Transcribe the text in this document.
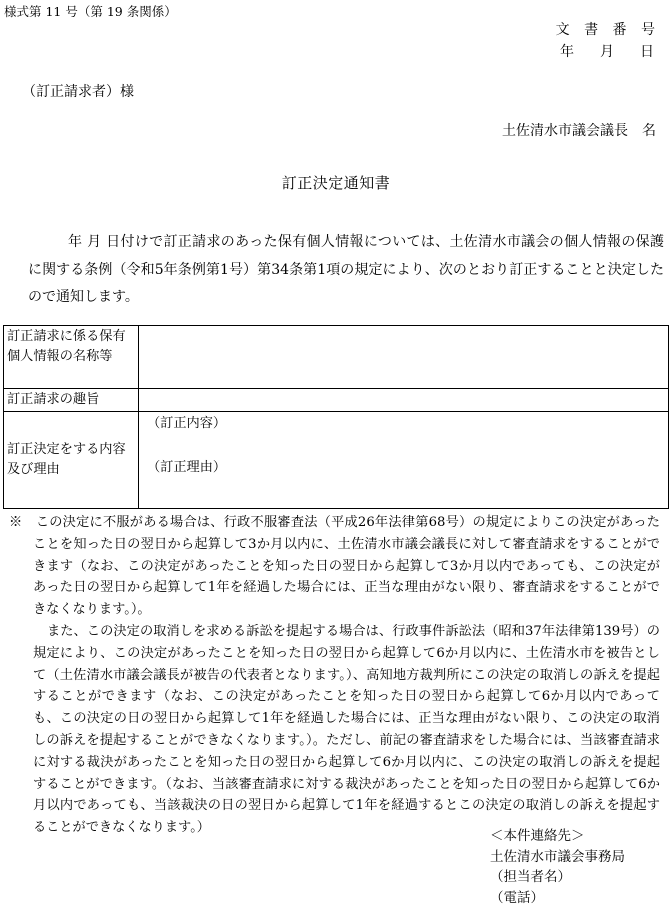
様式第 11 号（第 19 条関係）
文 書 番 号
年　月　日
（訂正請求者）様
土佐清水市議会議長　名
訂正決定通知書

年 月 日付けで訂正請求のあった保有個人情報については、土佐清水市議会の個人情報の保護に関する条例（令和5年条例第1号）第34条第1項の規定により、次のとおり訂正することと決定したので通知します。

訂正請求に係る保有個人情報の名称等	
訂正請求の趣旨	
訂正決定をする内容及び理由	（訂正内容）
（訂正理由）

※　この決定に不服がある場合は、行政不服審査法（平成26年法律第68号）の規定によりこの決定があったことを知った日の翌日から起算して3か月以内に、土佐清水市議会議長に対して審査請求をすることができます（なお、この決定があったことを知った日の翌日から起算して3か月以内であっても、この決定があった日の翌日から起算して1年を経過した場合には、正当な理由がない限り、審査請求をすることができなくなります。）。

また、この決定の取消しを求める訴訟を提起する場合は、行政事件訴訟法（昭和37年法律第139号）の規定により、この決定があったことを知った日の翌日から起算して6か月以内に、土佐清水市を被告として（土佐清水市議会議長が被告の代表者となります。）、高知地方裁判所にこの決定の取消しの訴えを提起することができます（なお、この決定があったことを知った日の翌日から起算して6か月以内であっても、この決定の日の翌日から起算して1年を経過した場合には、正当な理由がない限り、この決定の取消しの訴えを提起することができなくなります。）。ただし、前記の審査請求をした場合には、当該審査請求に対する裁決があったことを知った日の翌日から起算して6か月以内に、この決定の取消しの訴えを提起することができます。（なお、当該審査請求に対する裁決があったことを知った日の翌日から起算して6か月以内であっても、当該裁決の日の翌日から起算して1年を経過するとこの決定の取消しの訴えを提起することができなくなります。）

＜本件連絡先＞
土佐清水市議会事務局
（担当者名）
（電話）
